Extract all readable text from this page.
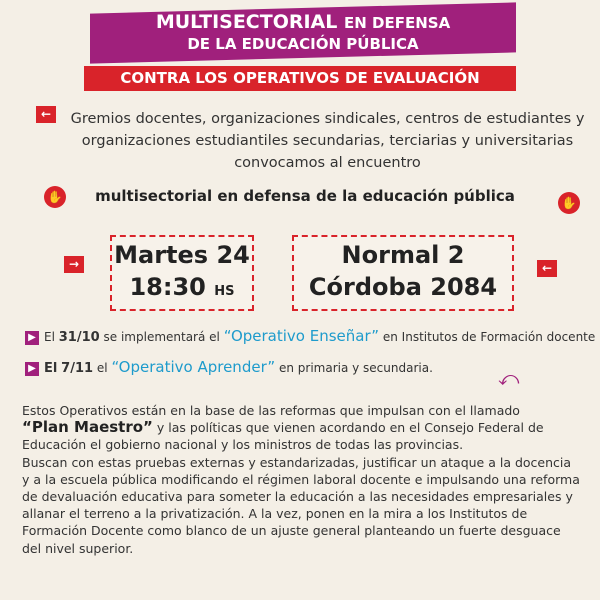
MULTISECTORIAL EN DEFENSA
DE LA EDUCACIÓN PÚBLICA
CONTRA LOS OPERATIVOS DE EVALUACIÓN
←	Gremios docentes, organizaciones sindicales, centros de estudiantes y organizaciones estudiantiles secundarias, terciarias y universitarias convocamos al encuentro
✋	multisectorial en defensa de la educación pública	✋
→ Martes 24
18:30 HS
Normal 2
Córdoba 2084
←
▶ El 31/10 se implementará el “Operativo Enseñar” en Institutos de Formación docente
▶ El 7/11 el “Operativo Aprender” en primaria y secundaria.	⤺
Estos Operativos están en la base de las reformas que impulsan con el llamado
“Plan Maestro” y las políticas que vienen acordando en el Consejo Federal de Educación el gobierno nacional y los ministros de todas las provincias.
Buscan con estas pruebas externas y estandarizadas, justificar un ataque a la docencia y a la escuela pública modificando el régimen laboral docente e impulsando una reforma de devaluación educativa para someter la educación a las necesidades empresariales y allanar el terreno a la privatización. A la vez, ponen en la mira a los Institutos de Formación Docente como blanco de un ajuste general planteando un fuerte desguace del nivel superior.
